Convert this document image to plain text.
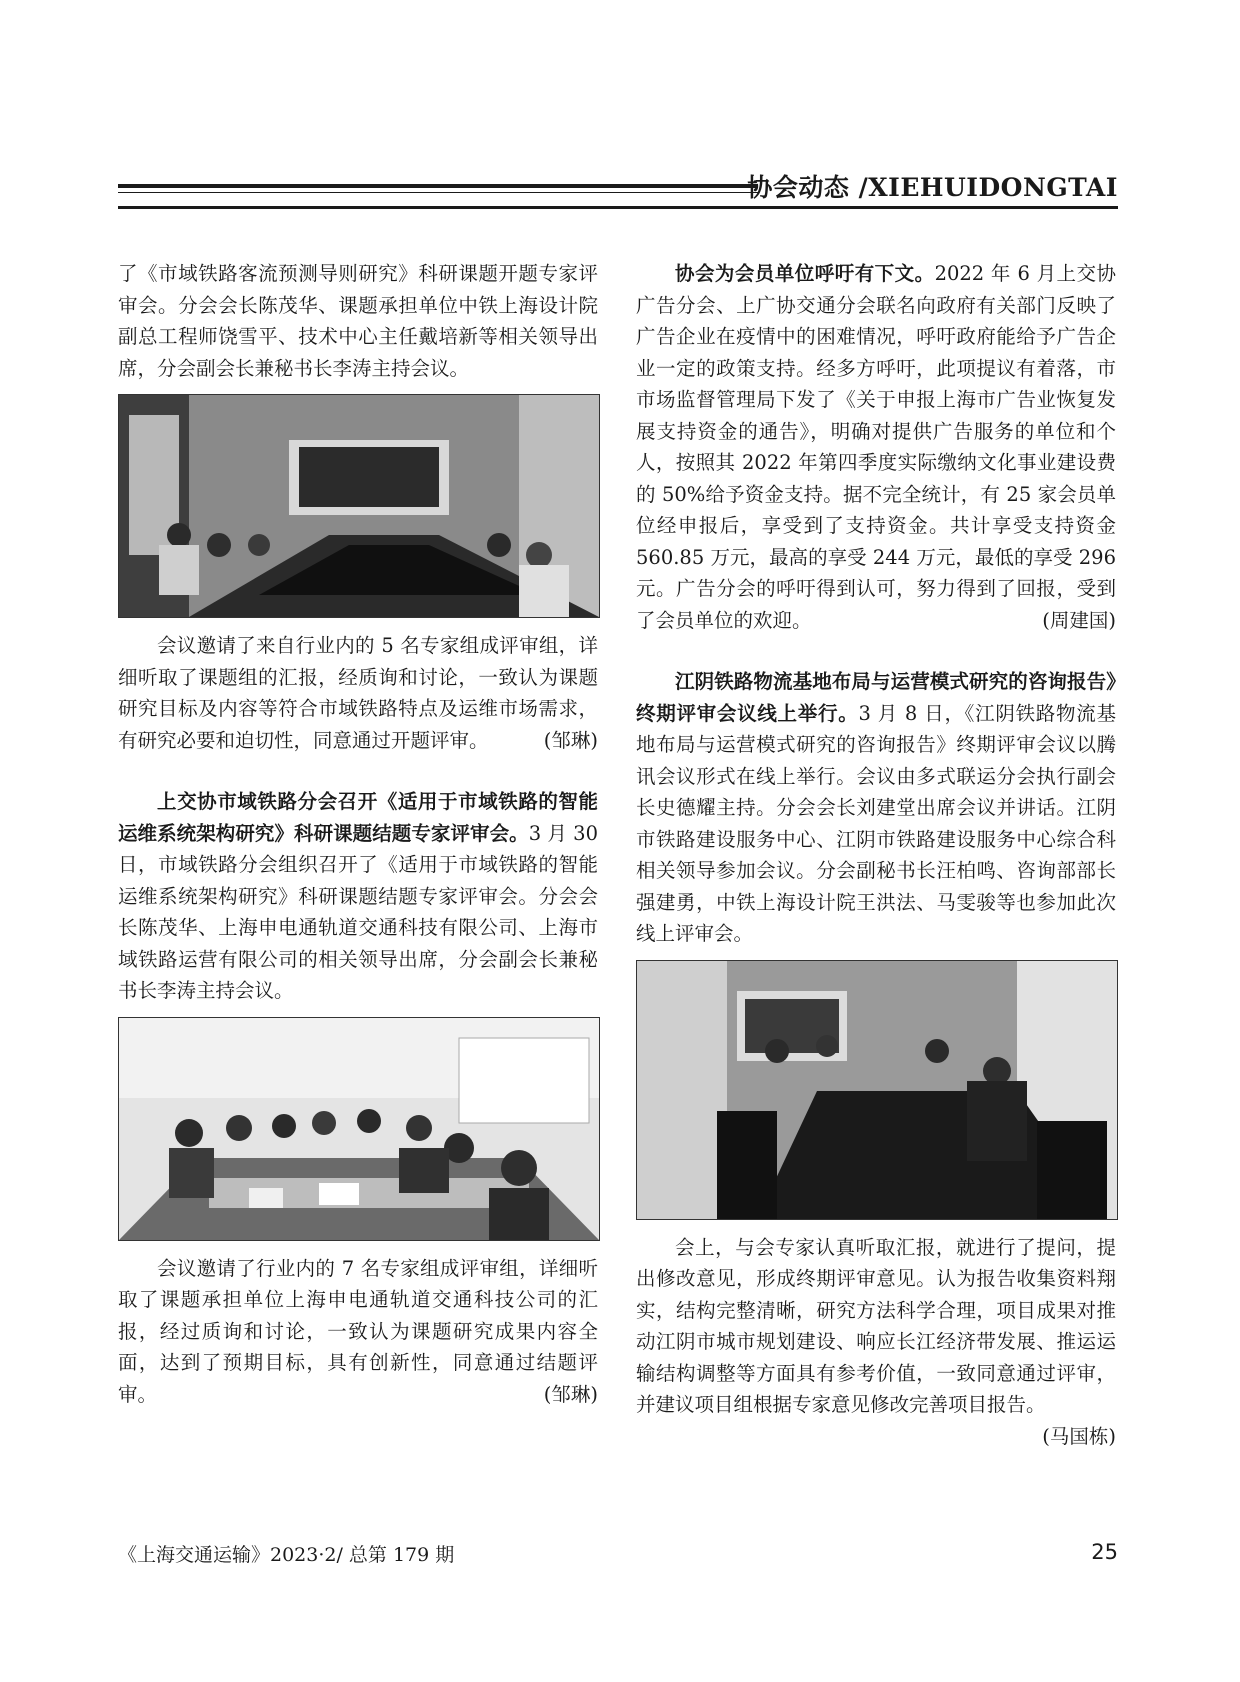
协会动态 /XIEHUIDONGTAI

了《市域铁路客流预测导则研究》科研课题开题专家评审会。分会会长陈茂华、课题承担单位中铁上海设计院副总工程师饶雪平、技术中心主任戴培新等相关领导出席，分会副会长兼秘书长李涛主持会议。

会议邀请了来自行业内的 5 名专家组成评审组，详细听取了课题组的汇报，经质询和讨论，一致认为课题研究目标及内容等符合市域铁路特点及运维市场需求，有研究必要和迫切性，同意通过开题评审。	(邹琳)

上交协市域铁路分会召开《适用于市域铁路的智能运维系统架构研究》科研课题结题专家评审会。3 月 30 日，市域铁路分会组织召开了《适用于市域铁路的智能运维系统架构研究》科研课题结题专家评审会。分会会长陈茂华、上海申电通轨道交通科技有限公司、上海市域铁路运营有限公司的相关领导出席，分会副会长兼秘书长李涛主持会议。

会议邀请了行业内的 7 名专家组成评审组，详细听取了课题承担单位上海申电通轨道交通科技公司的汇报，经过质询和讨论，一致认为课题研究成果内容全面，达到了预期目标，具有创新性，同意通过结题评审。	(邹琳)

协会为会员单位呼吁有下文。2022 年 6 月上交协广告分会、上广协交通分会联名向政府有关部门反映了广告企业在疫情中的困难情况，呼吁政府能给予广告企业一定的政策支持。经多方呼吁，此项提议有着落，市市场监督管理局下发了《关于申报上海市广告业恢复发展支持资金的通告》，明确对提供广告服务的单位和个人，按照其 2022 年第四季度实际缴纳文化事业建设费的 50%给予资金支持。据不完全统计，有 25 家会员单位经申报后，享受到了支持资金。共计享受支持资金 560.85 万元，最高的享受 244 万元，最低的享受 296 元。广告分会的呼吁得到认可，努力得到了回报，受到了会员单位的欢迎。	(周建国)

江阴铁路物流基地布局与运营模式研究的咨询报告》终期评审会议线上举行。3 月 8 日，《江阴铁路物流基地布局与运营模式研究的咨询报告》终期评审会议以腾讯会议形式在线上举行。会议由多式联运分会执行副会长史德耀主持。分会会长刘建堂出席会议并讲话。江阴市铁路建设服务中心、江阴市铁路建设服务中心综合科相关领导参加会议。分会副秘书长汪柏鸣、咨询部部长强建勇，中铁上海设计院王洪法、马雯骏等也参加此次线上评审会。

会上，与会专家认真听取汇报，就进行了提问，提出修改意见，形成终期评审意见。认为报告收集资料翔实，结构完整清晰，研究方法科学合理，项目成果对推动江阴市城市规划建设、响应长江经济带发展、推运运输结构调整等方面具有参考价值，一致同意通过评审，并建议项目组根据专家意见修改完善项目报告。
(马国栋)

《上海交通运输》2023·2/ 总第 179 期	25
